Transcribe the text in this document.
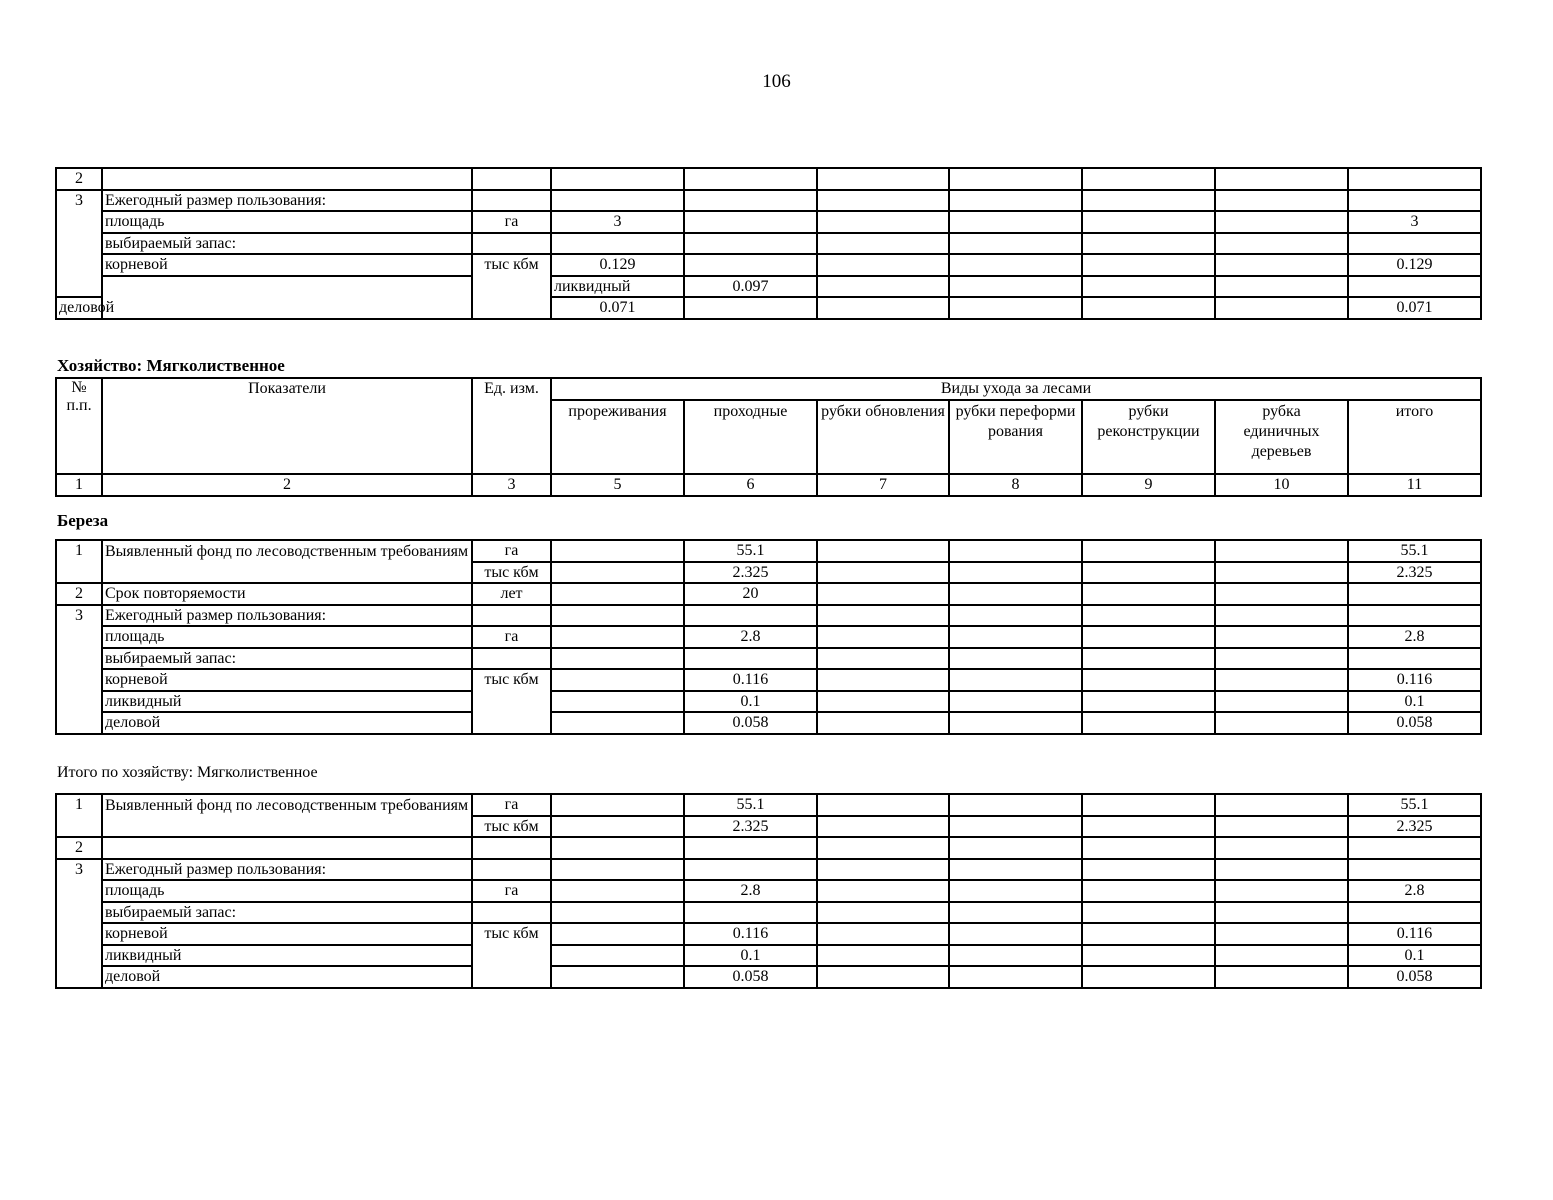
106
2										
3	Ежегодный размер пользования:									
	площадь	га	3						3	
	выбираемый запас:									
	корневой	тыс кбм	0.129						0.129	
			ликвидный	0.097						
деловой			0.071						0.071	
Хозяйство: Мягколиственное
№ п.п.	Показатели	Ед. изм.	Виды ухода за лесами						
			прореживания	проходные	рубки обновления	рубки переформирования	рубки реконструкции	рубка единичных деревьев	итого
1	2	3	5	6	7	8	9	10	11
Береза
1	Выявленный фонд по лесоводственным требованиям	га		55.1					55.1
		тыс кбм		2.325					2.325
2	Срок повторяемости	лет		20					
3	Ежегодный размер пользования:								
	площадь	га		2.8					2.8
	выбираемый запас:								
	корневой	тыс кбм		0.116					0.116
	ликвидный			0.1					0.1
	деловой			0.058					0.058
Итого по хозяйству: Мягколиственное
1	Выявленный фонд по лесоводственным требованиям	га		55.1					55.1
		тыс кбм		2.325					2.325
2									
3	Ежегодный размер пользования:								
	площадь	га		2.8					2.8
	выбираемый запас:								
	корневой	тыс кбм		0.116					0.116
	ликвидный			0.1					0.1
	деловой			0.058					0.058
